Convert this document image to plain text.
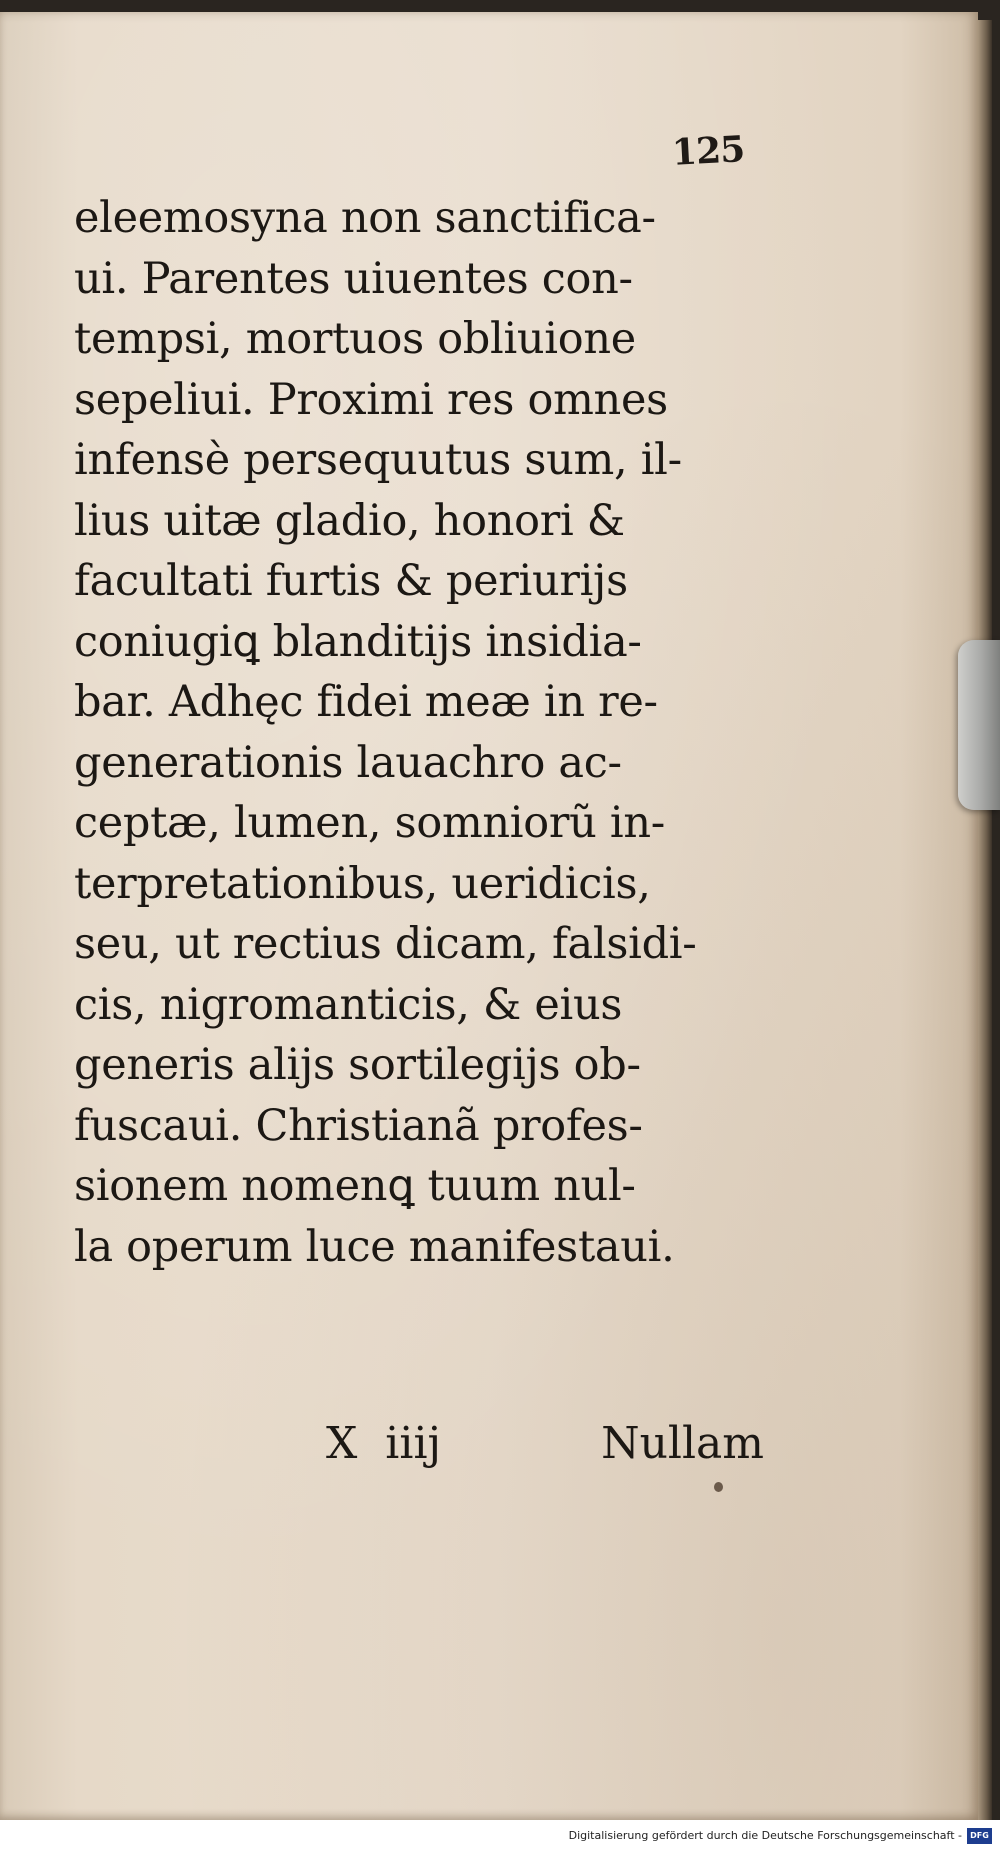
125
eleemosyna non sanctifica-
ui. Parentes uiuentes con-
tempsi, mortuos obliuione
sepeliui. Proximi res omnes
infensè persequutus sum, il-
lius uitæ gladio, honori &
facultati furtis & periurijs
coniugiꝗ blanditijs insidia-
bar. Adhęc fidei meæ in re-
generationis lauachro ac-
ceptæ, lumen, somniorũ in-
terpretationibus, ueridicis,
seu, ut rectius dicam, falsidi-
cis, nigromanticis, & eius
generis alijs sortilegijs ob-
fuscaui. Christianã profes-
sionem nomenꝗ tuum nul-
la operum luce manifestaui.
X iiij	Nullam
Digitalisierung gefördert durch die Deutsche Forschungsgemeinschaft -	DFG
